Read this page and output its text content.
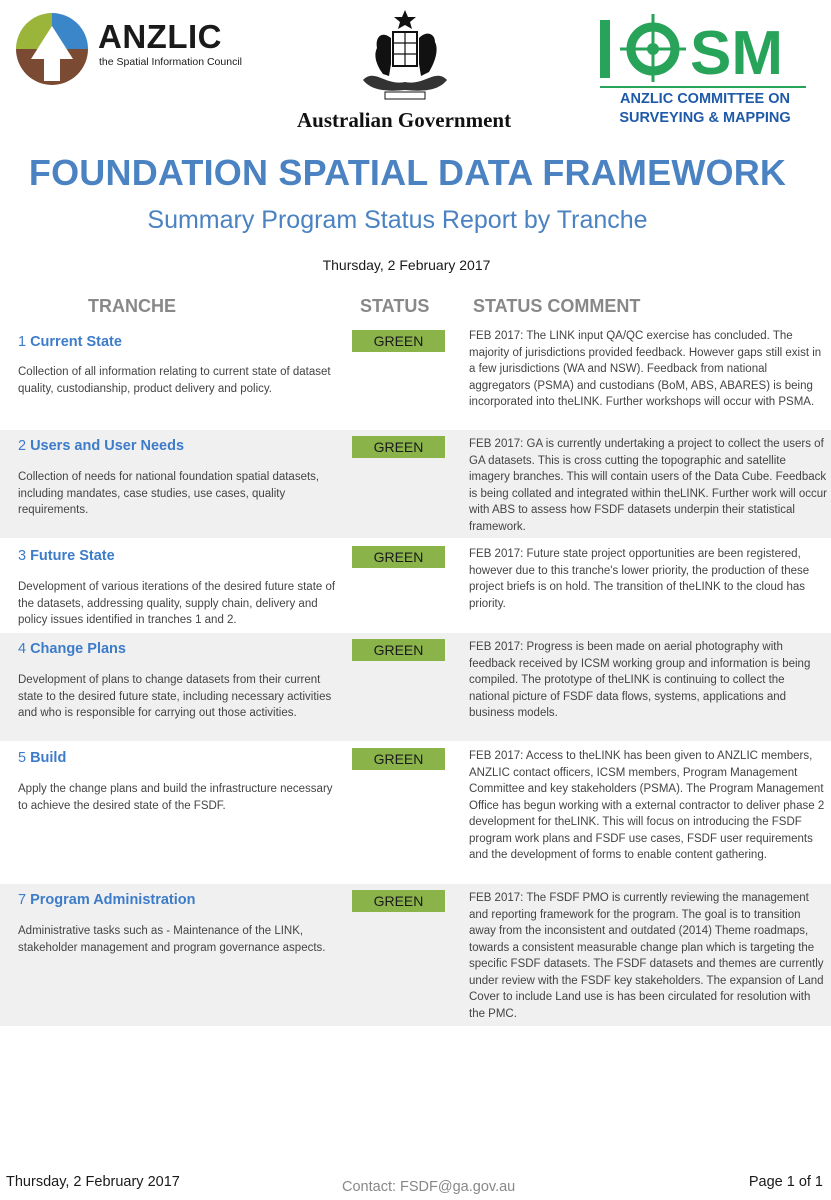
ANZLIC
the Spatial Information Council
Australian Government
SM
ANZLIC COMMITTEE ON
SURVEYING & MAPPING
FOUNDATION SPATIAL DATA FRAMEWORK
Summary Program Status Report by Tranche
Thursday, 2 February 2017
TRANCHE	STATUS STATUS COMMENT
1 Current State
Collection of all information relating to current state of dataset quality, custodianship, product delivery and policy.
GREEN	FEB 2017: The LINK input QA/QC exercise has concluded. The majority of jurisdictions provided feedback. However gaps still exist in a few jurisdictions (WA and NSW). Feedback from national aggregators (PSMA) and custodians (BoM, ABS, ABARES) is being incorporated into theLINK. Further workshops will occur with PSMA.
2 Users and User Needs
Collection of needs for national foundation spatial datasets, including mandates, case studies, use cases, quality requirements.
GREEN	FEB 2017: GA is currently undertaking a project to collect the users of GA datasets. This is cross cutting the topographic and satellite imagery branches. This will contain users of the Data Cube. Feedback is being collated and integrated within theLINK. Further work will occur with ABS to assess how FSDF datasets underpin their statistical framework.
3 Future State
Development of various iterations of the desired future state of the datasets, addressing quality, supply chain, delivery and policy issues identified in tranches 1 and 2.
GREEN	FEB 2017: Future state project opportunities are been registered, however due to this tranche's lower priority, the production of these project briefs is on hold. The transition of theLINK to the cloud has priority.
4 Change Plans
Development of plans to change datasets from their current state to the desired future state, including necessary activities and who is responsible for carrying out those activities.
GREEN	FEB 2017: Progress is been made on aerial photography with feedback received by ICSM working group and information is being compiled. The prototype of theLINK is continuing to collect the national picture of FSDF data flows, systems, applications and business models.
5 Build
Apply the change plans and build the infrastructure necessary to achieve the desired state of the FSDF.
GREEN	FEB 2017: Access to theLINK has been given to ANZLIC members, ANZLIC contact officers, ICSM members, Program Management Committee and key stakeholders (PSMA). The Program Management Office has begun working with a external contractor to deliver phase 2 development for theLINK. This will focus on introducing the FSDF program work plans and FSDF use cases, FSDF user requirements and the development of forms to enable content gathering.
7 Program Administration
Administrative tasks such as - Maintenance of the LINK, stakeholder management and program governance aspects.
GREEN	FEB 2017: The FSDF PMO is currently reviewing the management and reporting framework for the program. The goal is to transition away from the inconsistent and outdated (2014) Theme roadmaps, towards a consistent measurable change plan which is targeting the specific FSDF datasets. The FSDF datasets and themes are currently under review with the FSDF key stakeholders. The expansion of Land Cover to include Land use is has been circulated for resolution with the PMC.
Thursday, 2 February 2017	Contact: FSDF@ga.gov.au	Page 1 of 1
